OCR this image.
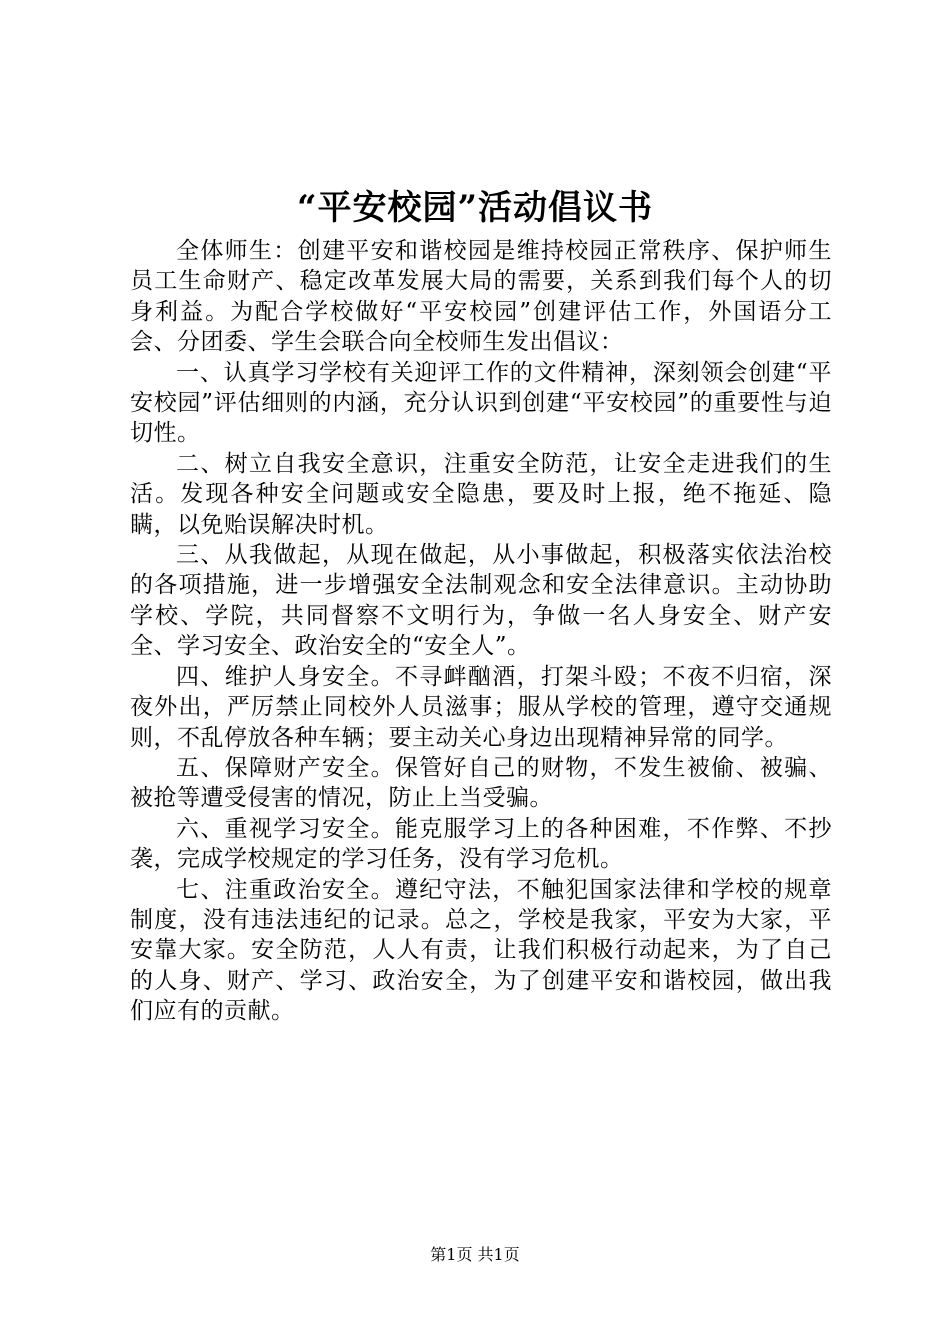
“平安校园”活动倡议书

全体师生：创建平安和谐校园是维持校园正常秩序、保护师生员工生命财产、稳定改革发展大局的需要，关系到我们每个人的切身利益。为配合学校做好“平安校园”创建评估工作，外国语分工会、分团委、学生会联合向全校师生发出倡议：

一、认真学习学校有关迎评工作的文件精神，深刻领会创建“平安校园”评估细则的内涵，充分认识到创建“平安校园”的重要性与迫切性。

二、树立自我安全意识，注重安全防范，让安全走进我们的生活。发现各种安全问题或安全隐患，要及时上报，绝不拖延、隐瞒，以免贻误解决时机。

三、从我做起，从现在做起，从小事做起，积极落实依法治校的各项措施，进一步增强安全法制观念和安全法律意识。主动协助学校、学院，共同督察不文明行为，争做一名人身安全、财产安全、学习安全、政治安全的“安全人”。

四、维护人身安全。不寻衅酗酒，打架斗殴；不夜不归宿，深夜外出，严厉禁止同校外人员滋事；服从学校的管理，遵守交通规则，不乱停放各种车辆；要主动关心身边出现精神异常的同学。

五、保障财产安全。保管好自己的财物，不发生被偷、被骗、被抢等遭受侵害的情况，防止上当受骗。

六、重视学习安全。能克服学习上的各种困难，不作弊、不抄袭，完成学校规定的学习任务，没有学习危机。

七、注重政治安全。遵纪守法，不触犯国家法律和学校的规章制度，没有违法违纪的记录。总之，学校是我家，平安为大家，平安靠大家。安全防范，人人有责，让我们积极行动起来，为了自己的人身、财产、学习、政治安全，为了创建平安和谐校园，做出我们应有的贡献。

第1页 共1页
